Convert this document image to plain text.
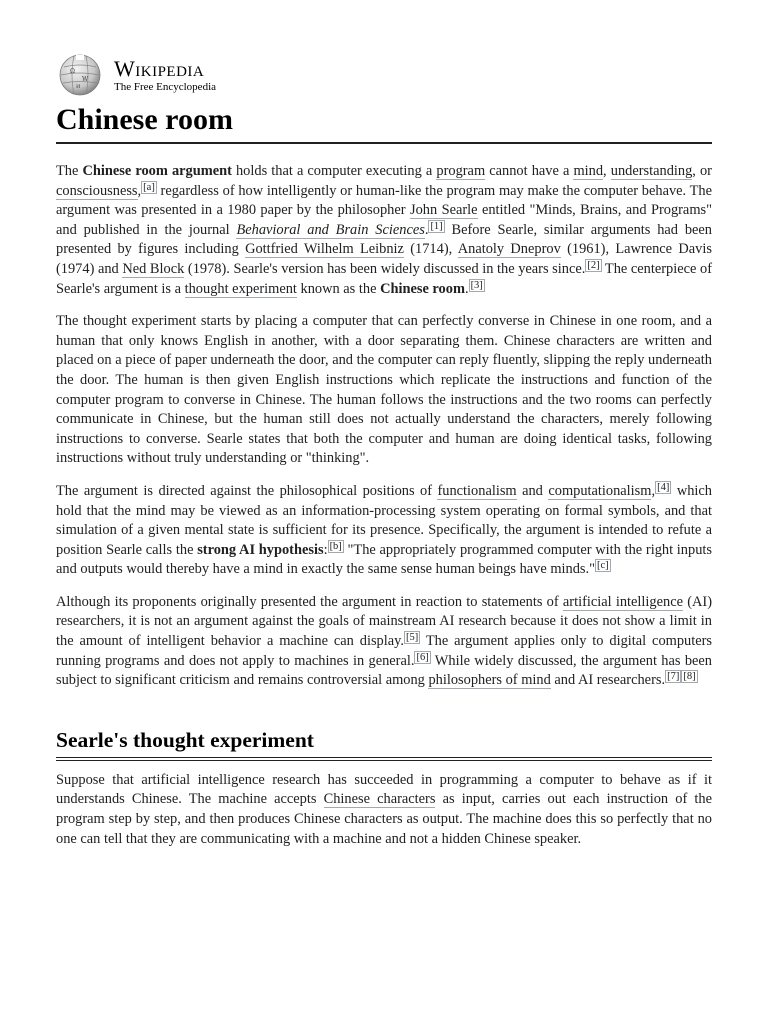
Ω
W
И
Wikipedia
The Free Encyclopedia
Chinese room

The Chinese room argument holds that a computer executing a program cannot have a mind, understanding, or consciousness, [a] regardless of how intelligently or human-like the program may make the computer behave. The argument was presented in a 1980 paper by the philosopher John Searle entitled "Minds, Brains, and Programs" and published in the journal Behavioral and Brain Sciences. [1] Before Searle, similar arguments had been presented by figures including Gottfried Wilhelm Leibniz (1714), Anatoly Dneprov (1961), Lawrence Davis (1974) and Ned Block (1978). Searle's version has been widely discussed in the years since. [2] The centerpiece of Searle's argument is a thought experiment known as the Chinese room. [3]

The thought experiment starts by placing a computer that can perfectly converse in Chinese in one room, and a human that only knows English in another, with a door separating them. Chinese characters are written and placed on a piece of paper underneath the door, and the computer can reply fluently, slipping the reply underneath the door. The human is then given English instructions which replicate the instructions and function of the computer program to converse in Chinese. The human follows the instructions and the two rooms can perfectly communicate in Chinese, but the human still does not actually understand the characters, merely following instructions to converse. Searle states that both the computer and human are doing identical tasks, following instructions without truly understanding or "thinking".

The argument is directed against the philosophical positions of functionalism and computationalism, [4] which hold that the mind may be viewed as an information-processing system operating on formal symbols, and that simulation of a given mental state is sufficient for its presence. Specifically, the argument is intended to refute a position Searle calls the strong AI hypothesis: [b] "The appropriately programmed computer with the right inputs and outputs would thereby have a mind in exactly the same sense human beings have minds." [c]

Although its proponents originally presented the argument in reaction to statements of artificial intelligence (AI) researchers, it is not an argument against the goals of mainstream AI research because it does not show a limit in the amount of intelligent behavior a machine can display. [5] The argument applies only to digital computers running programs and does not apply to machines in general. [6] While widely discussed, the argument has been subject to significant criticism and remains controversial among philosophers of mind and AI researchers. [7] [8]

Searle's thought experiment

Suppose that artificial intelligence research has succeeded in programming a computer to behave as if it understands Chinese. The machine accepts Chinese characters as input, carries out each instruction of the program step by step, and then produces Chinese characters as output. The machine does this so perfectly that no one can tell that they are communicating with a machine and not a hidden Chinese speaker.
